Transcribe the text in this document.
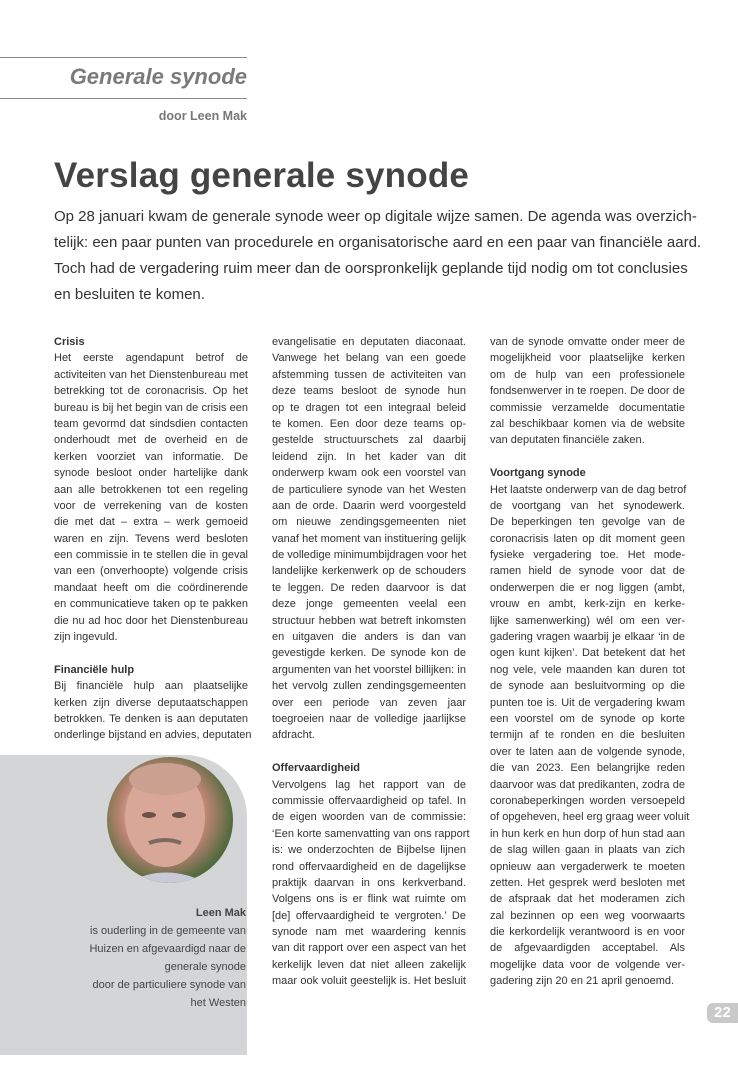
Generale synode
door Leen Mak
Verslag generale synode
Op 28 januari kwam de generale synode weer op digitale wijze samen. De agenda was overzich-
telijk: een paar punten van procedurele en organisatorische aard en een paar van financiële aard.
Toch had de vergadering ruim meer dan de oorspronkelijk geplande tijd nodig om tot conclusies
en besluiten te komen.
Crisis
Het eerste agendapunt betrof de
activiteiten van het Dienstenbureau met
betrekking tot de coronacrisis. Op het
bureau is bij het begin van de crisis een
team gevormd dat sindsdien contacten
onderhoudt met de overheid en de
kerken voorziet van informatie. De
synode besloot onder hartelijke dank
aan alle betrokkenen tot een regeling
voor de verrekening van de kosten
die met dat – extra – werk gemoeid
waren en zijn. Tevens werd besloten
een commissie in te stellen die in geval
van een (onverhoopte) volgende crisis
mandaat heeft om die coördinerende
en communicatieve taken op te pakken
die nu ad hoc door het Dienstenbureau
zijn ingevuld.
Financiële hulp
Bij financiële hulp aan plaatselijke
kerken zijn diverse deputaatschappen
betrokken. Te denken is aan deputaten
onderlinge bijstand en advies, deputaten
evangelisatie en deputaten diaconaat.
Vanwege het belang van een goede
afstemming tussen de activiteiten van
deze teams besloot de synode hun
op te dragen tot een integraal beleid
te komen. Een door deze teams op-
gestelde structuurschets zal daarbij
leidend zijn. In het kader van dit
onderwerp kwam ook een voorstel van
de particuliere synode van het Westen
aan de orde. Daarin werd voorgesteld
om nieuwe zendingsgemeenten niet
vanaf het moment van instituering gelijk
de volledige minimumbijdragen voor het
landelijke kerkenwerk op de schouders
te leggen. De reden daarvoor is dat
deze jonge gemeenten veelal een
structuur hebben wat betreft inkomsten
en uitgaven die anders is dan van
gevestigde kerken. De synode kon de
argumenten van het voorstel billijken: in
het vervolg zullen zendingsgemeenten
over een periode van zeven jaar
toegroeien naar de volledige jaarlijkse
afdracht.
Offervaardigheid
Vervolgens lag het rapport van de
commissie offervaardigheid op tafel. In
de eigen woorden van de commissie:
‘Een korte samenvatting van ons rapport
is: we onderzochten de Bijbelse lijnen
rond offervaardigheid en de dagelijkse
praktijk daarvan in ons kerkverband.
Volgens ons is er flink wat ruimte om
[de] offervaardigheid te vergroten.’ De
synode nam met waardering kennis
van dit rapport over een aspect van het
kerkelijk leven dat niet alleen zakelijk
maar ook voluit geestelijk is. Het besluit
van de synode omvatte onder meer de
mogelijkheid voor plaatselijke kerken
om de hulp van een professionele
fondsenwerver in te roepen. De door de
commissie verzamelde documentatie
zal beschikbaar komen via de website
van deputaten financiële zaken.
Voortgang synode
Het laatste onderwerp van de dag betrof
de voortgang van het synodewerk.
De beperkingen ten gevolge van de
coronacrisis laten op dit moment geen
fysieke vergadering toe. Het mode-
ramen hield de synode voor dat de
onderwerpen die er nog liggen (ambt,
vrouw en ambt, kerk-zijn en kerke-
lijke samenwerking) wél om een ver-
gadering vragen waarbij je elkaar ‘in de
ogen kunt kijken’. Dat betekent dat het
nog vele, vele maanden kan duren tot
de synode aan besluitvorming op die
punten toe is. Uit de vergadering kwam
een voorstel om de synode op korte
termijn af te ronden en die besluiten
over te laten aan de volgende synode,
die van 2023. Een belangrijke reden
daarvoor was dat predikanten, zodra de
coronabeperkingen worden versoepeld
of opgeheven, heel erg graag weer voluit
in hun kerk en hun dorp of hun stad aan
de slag willen gaan in plaats van zich
opnieuw aan vergaderwerk te moeten
zetten. Het gesprek werd besloten met
de afspraak dat het moderamen zich
zal bezinnen op een weg voorwaarts
die kerkordelijk verantwoord is en voor
de afgevaardigden acceptabel. Als
mogelijke data voor de volgende ver-
gadering zijn 20 en 21 april genoemd.
Leen Mak
is ouderling in de gemeente van
Huizen en afgevaardigd naar de
generale synode
door de particuliere synode van
het Westen
22
